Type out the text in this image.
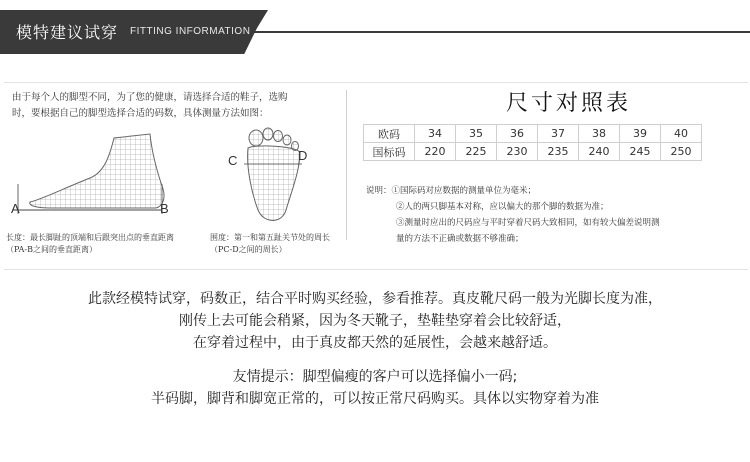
模特建议试穿 FITTING INFORMATION
由于每个人的脚型不同，为了您的健康，请选择合适的鞋子，选购
时，要根据自己的脚型选择合适的码数，具体测量方法如图：
A	B
长度：最长脚趾的顶端和后跟突出点的垂直距离
（PA-B之间的垂直距离）
C	D
围度：第一和第五趾关节处的周长
（PC-D之间的周长）
尺寸对照表
欧码	34	35	36	37	38	39	40
国标码	220	225	230	235	240	245	250
说明：①国际码对应数据的测量单位为毫米；
②人的两只脚基本对称，应以偏大的那个脚的数据为准；
③测量时应出的尺码应与平时穿着尺码大致相同，如有较大偏差说明测
量的方法不正确或数据不够准确；
此款经模特试穿，码数正，结合平时购买经验，参看推荐。真皮靴尺码一般为光脚长度为准，
刚传上去可能会稍紧，因为冬天靴子，垫鞋垫穿着会比较舒适，
在穿着过程中，由于真皮都天然的延展性，会越来越舒适。
友情提示：脚型偏瘦的客户可以选择偏小一码;
半码脚，脚背和脚宽正常的，可以按正常尺码购买。具体以实物穿着为准
